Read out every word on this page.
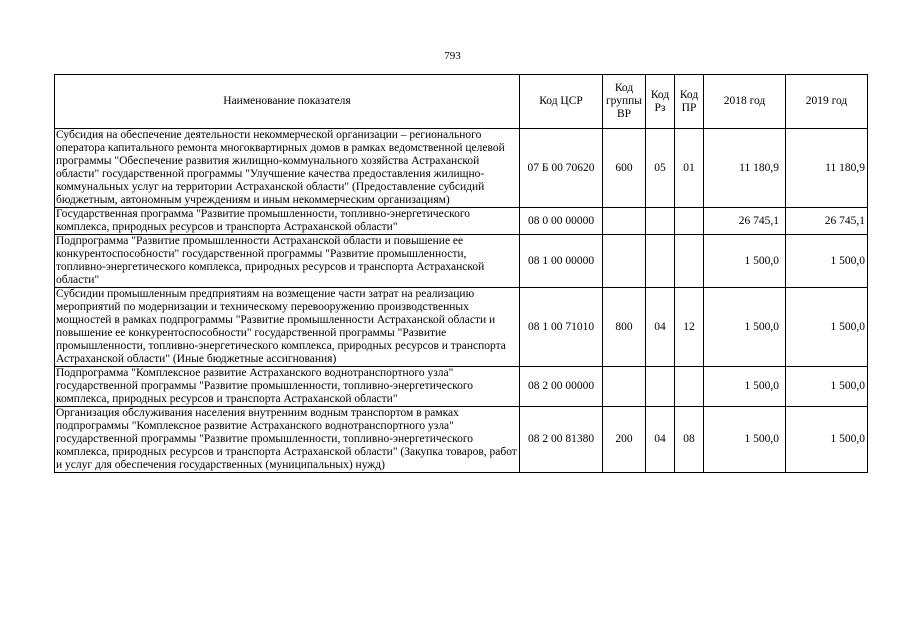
793
Наименование показателя	Код ЦСР	Код группы ВР	Код Рз	Код ПР	2018 год	2019 год
Субсидия на обеспечение деятельности некоммерческой организации – регионального оператора капитального ремонта многоквартирных домов в рамках ведомственной целевой программы "Обеспечение развития жилищно-коммунального хозяйства Астраханской области" государственной программы "Улучшение качества предоставления жилищно-коммунальных услуг на территории Астраханской области" (Предоставление субсидий бюджетным, автономным учреждениям и иным некоммерческим организациям)	07 Б 00 70620	600	05	01	11 180,9	11 180,9
Государственная программа "Развитие промышленности, топливно-энергетического комплекса, природных ресурсов и транспорта Астраханской области"	08 0 00 00000				26 745,1	26 745,1
Подпрограмма "Развитие промышленности Астраханской области и повышение ее конкурентоспособности" государственной программы "Развитие промышленности, топливно-энергетического комплекса, природных ресурсов и транспорта Астраханской области"	08 1 00 00000				1 500,0	1 500,0
Субсидии промышленным предприятиям на возмещение части затрат на реализацию мероприятий по модернизации и техническому перевооружению производственных мощностей в рамках подпрограммы "Развитие промышленности Астраханской области и повышение ее конкурентоспособности" государственной программы "Развитие промышленности, топливно-энергетического комплекса, природных ресурсов и транспорта Астраханской области" (Иные бюджетные ассигнования)	08 1 00 71010	800	04	12	1 500,0	1 500,0
Подпрограмма "Комплексное развитие Астраханского воднотранспортного узла" государственной программы "Развитие промышленности, топливно-энергетического комплекса, природных ресурсов и транспорта Астраханской области"	08 2 00 00000				1 500,0	1 500,0
Организация обслуживания населения внутренним водным транспортом в рамках подпрограммы "Комплексное развитие Астраханского воднотранспортного узла" государственной программы "Развитие промышленности, топливно-энергетического комплекса, природных ресурсов и транспорта Астраханской области" (Закупка товаров, работ и услуг для обеспечения государственных (муниципальных) нужд)	08 2 00 81380	200	04	08	1 500,0	1 500,0
